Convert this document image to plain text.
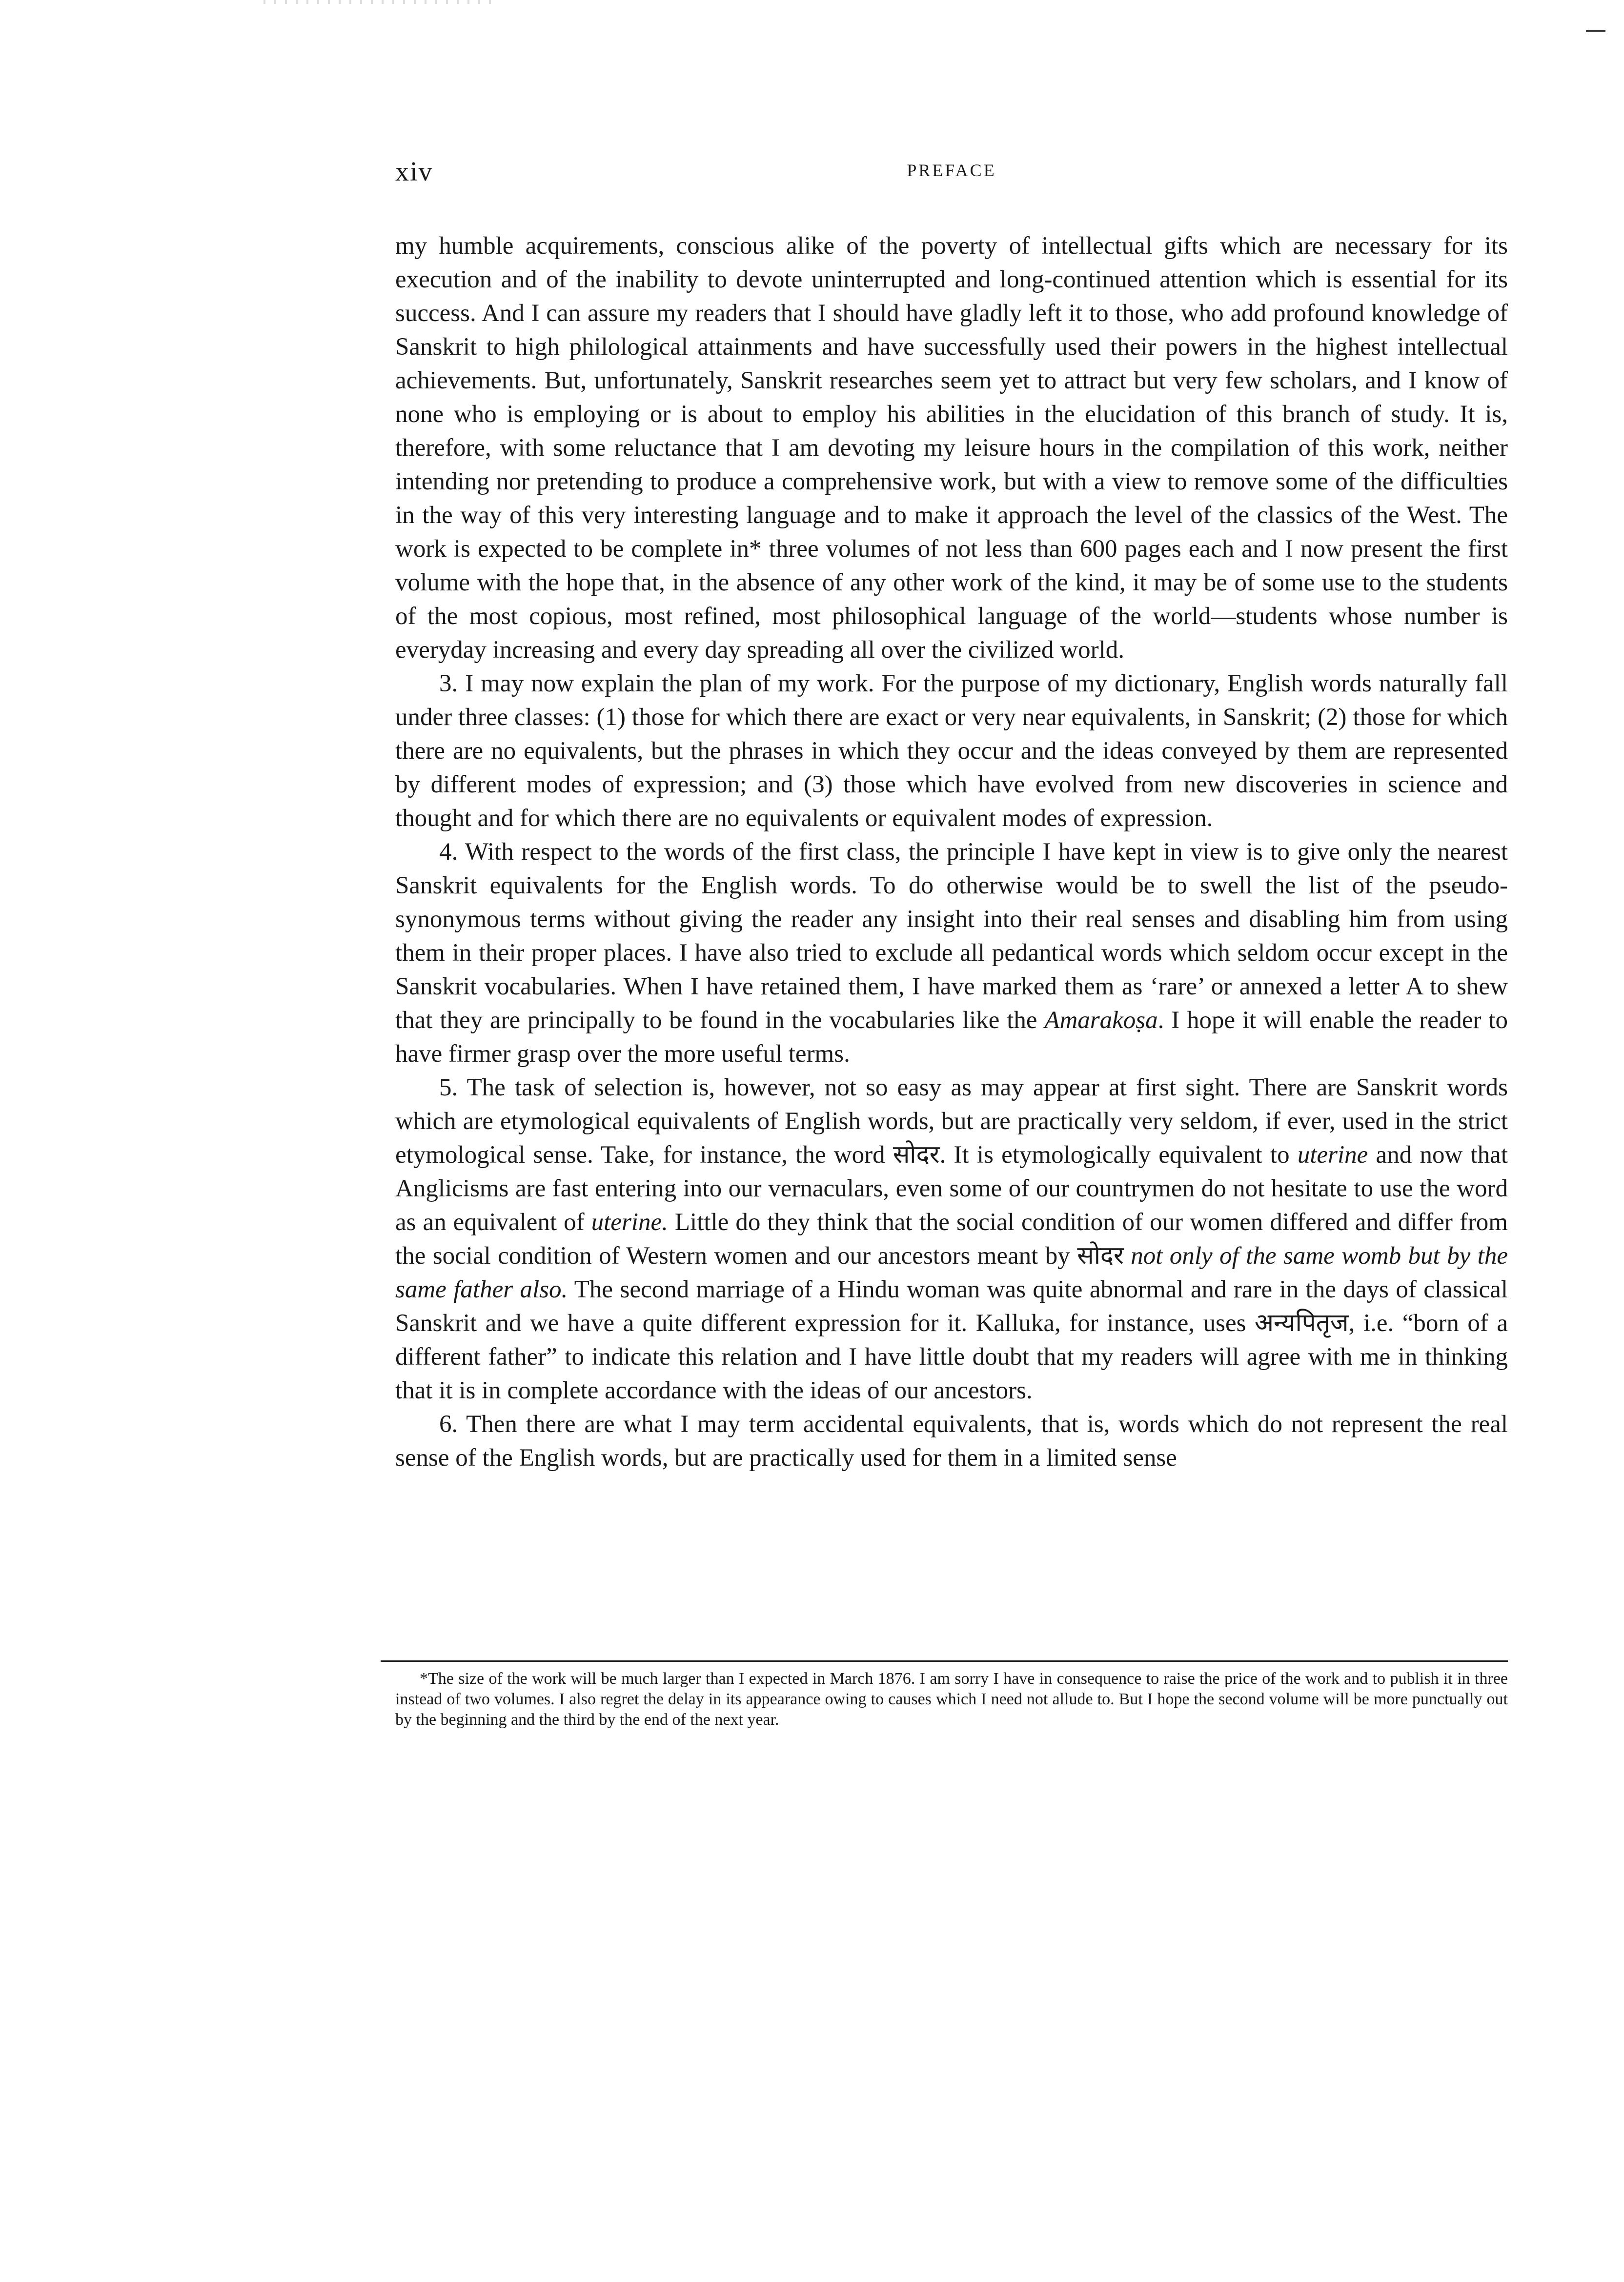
xiv	PREFACE

my humble acquirements, conscious alike of the poverty of intellectual gifts which are necessary for its execution and of the inability to devote uninterrupted and long-continued attention which is essential for its success. And I can assure my readers that I should have gladly left it to those, who add profound knowledge of Sanskrit to high philological attainments and have successfully used their powers in the highest intellectual achievements. But, unfortunately, Sanskrit researches seem yet to attract but very few scholars, and I know of none who is employing or is about to employ his abilities in the elucidation of this branch of study. It is, therefore, with some reluctance that I am devoting my leisure hours in the compilation of this work, neither intending nor pretending to produce a comprehensive work, but with a view to remove some of the difficulties in the way of this very interesting language and to make it approach the level of the classics of the West. The work is expected to be complete in* three volumes of not less than 600 pages each and I now present the first volume with the hope that, in the absence of any other work of the kind, it may be of some use to the students of the most copious, most refined, most philosophical language of the world—students whose number is everyday increasing and every day spreading all over the civilized world.

3. I may now explain the plan of my work. For the purpose of my dictionary, English words naturally fall under three classes: (1) those for which there are exact or very near equivalents, in Sanskrit; (2) those for which there are no equivalents, but the phrases in which they occur and the ideas conveyed by them are represented by different modes of expression; and (3) those which have evolved from new discoveries in science and thought and for which there are no equivalents or equivalent modes of expression.

4. With respect to the words of the first class, the principle I have kept in view is to give only the nearest Sanskrit equivalents for the English words. To do otherwise would be to swell the list of the pseudo-synonymous terms without giving the reader any insight into their real senses and disabling him from using them in their proper places. I have also tried to exclude all pedantical words which seldom occur except in the Sanskrit vocabularies. When I have retained them, I have marked them as ‘rare’ or annexed a letter A to shew that they are principally to be found in the vocabularies like the Amarakoṣa. I hope it will enable the reader to have firmer grasp over the more useful terms.

5. The task of selection is, however, not so easy as may appear at first sight. There are Sanskrit words which are etymological equivalents of English words, but are practically very seldom, if ever, used in the strict etymological sense. Take, for instance, the word सोदर. It is etymologically equivalent to uterine and now that Anglicisms are fast entering into our vernaculars, even some of our countrymen do not hesitate to use the word as an equivalent of uterine. Little do they think that the social condition of our women differed and differ from the social condition of Western women and our ancestors meant by सोदर not only of the same womb but by the same father also. The second marriage of a Hindu woman was quite abnormal and rare in the days of classical Sanskrit and we have a quite different expression for it. Kalluka, for instance, uses अन्यपितृज, i.e. “born of a different father” to indicate this relation and I have little doubt that my readers will agree with me in thinking that it is in complete accordance with the ideas of our ancestors.

6. Then there are what I may term accidental equivalents, that is, words which do not represent the real sense of the English words, but are practically used for them in a limited sense

*The size of the work will be much larger than I expected in March 1876. I am sorry I have in consequence to raise the price of the work and to publish it in three instead of two volumes. I also regret the delay in its appearance owing to causes which I need not allude to. But I hope the second volume will be more punctually out by the beginning and the third by the end of the next year.
